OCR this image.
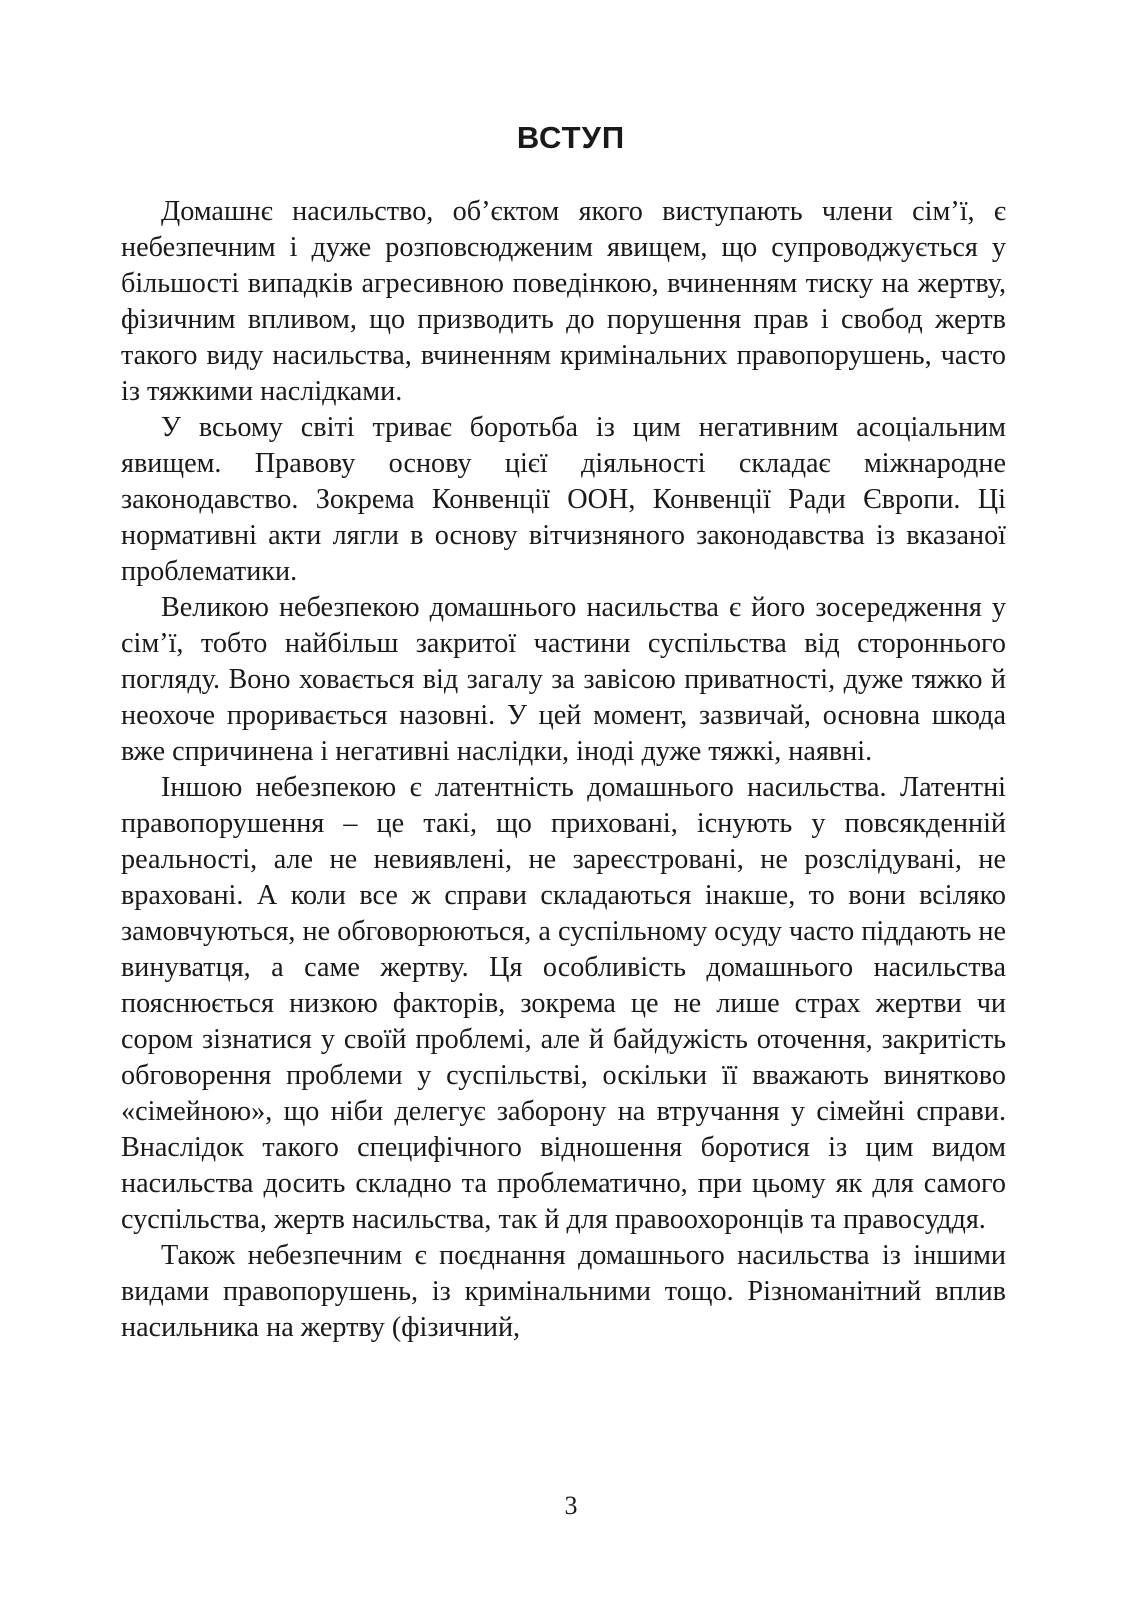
ВСТУП

Домашнє насильство, об’єктом якого виступають члени сім’ї, є небезпечним і дуже розповсюдженим явищем, що супроводжується у більшості випадків агресивною поведінкою, вчиненням тиску на жертву, фізичним впливом, що призводить до порушення прав і свобод жертв такого виду насильства, вчиненням кримінальних правопорушень, часто із тяжкими наслідками.

У всьому світі триває боротьба із цим негативним асоціальним явищем. Правову основу цієї діяльності складає міжнародне законодавство. Зокрема Конвенції ООН, Конвенції Ради Європи. Ці нормативні акти лягли в основу вітчизняного законодавства із вказаної проблематики.

Великою небезпекою домашнього насильства є його зосередження у сім’ї, тобто найбільш закритої частини суспільства від стороннього погляду. Воно ховається від загалу за завісою приватності, дуже тяжко й неохоче проривається назовні. У цей момент, зазвичай, основна шкода вже спричинена і негативні наслідки, іноді дуже тяжкі, наявні.

Іншою небезпекою є латентність домашнього насильства. Латентні правопорушення – це такі, що приховані, існують у повсякденній реальності, але не невиявлені, не зареєстровані, не розслідувані, не враховані. А коли все ж справи складаються інакше, то вони всіляко замовчуються, не обговорюються, а суспільному осуду часто піддають не винуватця, а саме жертву. Ця особливість домашнього насильства пояснюється низкою факторів, зокрема це не лише страх жертви чи сором зізнатися у своїй проблемі, але й байдужість оточення, закритість обговорення проблеми у суспільстві, оскільки її вважають винятково «сімейною», що ніби делегує заборону на втручання у сімейні справи. Внаслідок такого специфічного відношення боротися із цим видом насильства досить складно та проблематично, при цьому як для самого суспільства, жертв насильства, так й для правоохоронців та правосуддя.

Також небезпечним є поєднання домашнього насильства із іншими видами правопорушень, із кримінальними тощо. Різноманітний вплив насильника на жертву (фізичний,

3
